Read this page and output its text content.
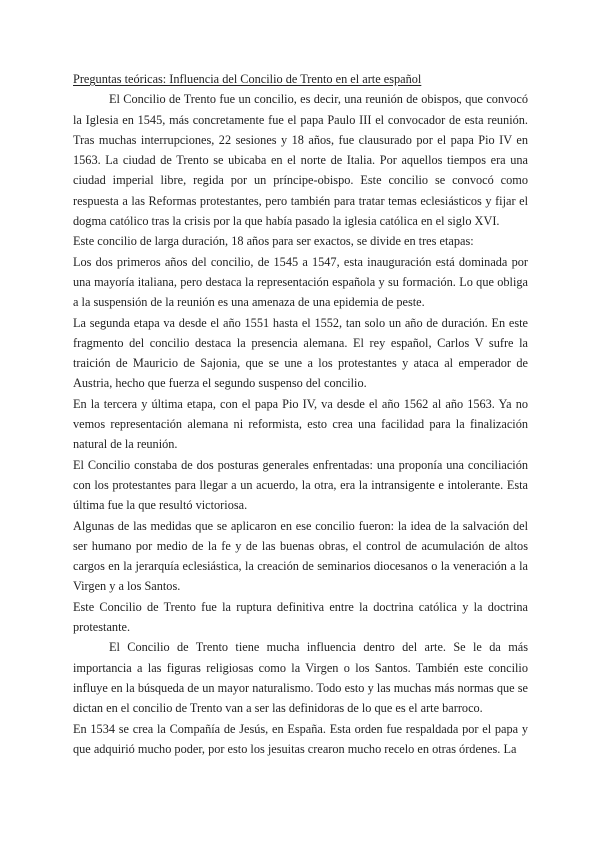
Preguntas teóricas: Influencia del Concilio de Trento en el arte español

El Concilio de Trento fue un concilio, es decir, una reunión de obispos, que convocó la Iglesia en 1545, más concretamente fue el papa Paulo III el convocador de esta reunión. Tras muchas interrupciones, 22 sesiones y 18 años, fue clausurado por el papa Pio IV en 1563. La ciudad de Trento se ubicaba en el norte de Italia. Por aquellos tiempos era una ciudad imperial libre, regida por un príncipe-obispo. Este concilio se convocó como respuesta a las Reformas protestantes, pero también para tratar temas eclesiásticos y fijar el dogma católico tras la crisis por la que había pasado la iglesia católica en el siglo XVI.

Este concilio de larga duración, 18 años para ser exactos, se divide en tres etapas:

Los dos primeros años del concilio, de 1545 a 1547, esta inauguración está dominada por una mayoría italiana, pero destaca la representación española y su formación. Lo que obliga a la suspensión de la reunión es una amenaza de una epidemia de peste.

La segunda etapa va desde el año 1551 hasta el 1552, tan solo un año de duración. En este fragmento del concilio destaca la presencia alemana. El rey español, Carlos V sufre la traición de Mauricio de Sajonia, que se une a los protestantes y ataca al emperador de Austria, hecho que fuerza el segundo suspenso del concilio.

En la tercera y última etapa, con el papa Pio IV, va desde el año 1562 al año 1563. Ya no vemos representación alemana ni reformista, esto crea una facilidad para la finalización natural de la reunión.

El Concilio constaba de dos posturas generales enfrentadas: una proponía una conciliación con los protestantes para llegar a un acuerdo, la otra, era la intransigente e intolerante. Esta última fue la que resultó victoriosa.

Algunas de las medidas que se aplicaron en ese concilio fueron: la idea de la salvación del ser humano por medio de la fe y de las buenas obras, el control de acumulación de altos cargos en la jerarquía eclesiástica, la creación de seminarios diocesanos o la veneración a la Virgen y a los Santos.

Este Concilio de Trento fue la ruptura definitiva entre la doctrina católica y la doctrina protestante.

El Concilio de Trento tiene mucha influencia dentro del arte. Se le da más importancia a las figuras religiosas como la Virgen o los Santos. También este concilio influye en la búsqueda de un mayor naturalismo. Todo esto y las muchas más normas que se dictan en el concilio de Trento van a ser las definidoras de lo que es el arte barroco.

En 1534 se crea la Compañía de Jesús, en España. Esta orden fue respaldada por el papa y que adquirió mucho poder, por esto los jesuitas crearon mucho recelo en otras órdenes. La
